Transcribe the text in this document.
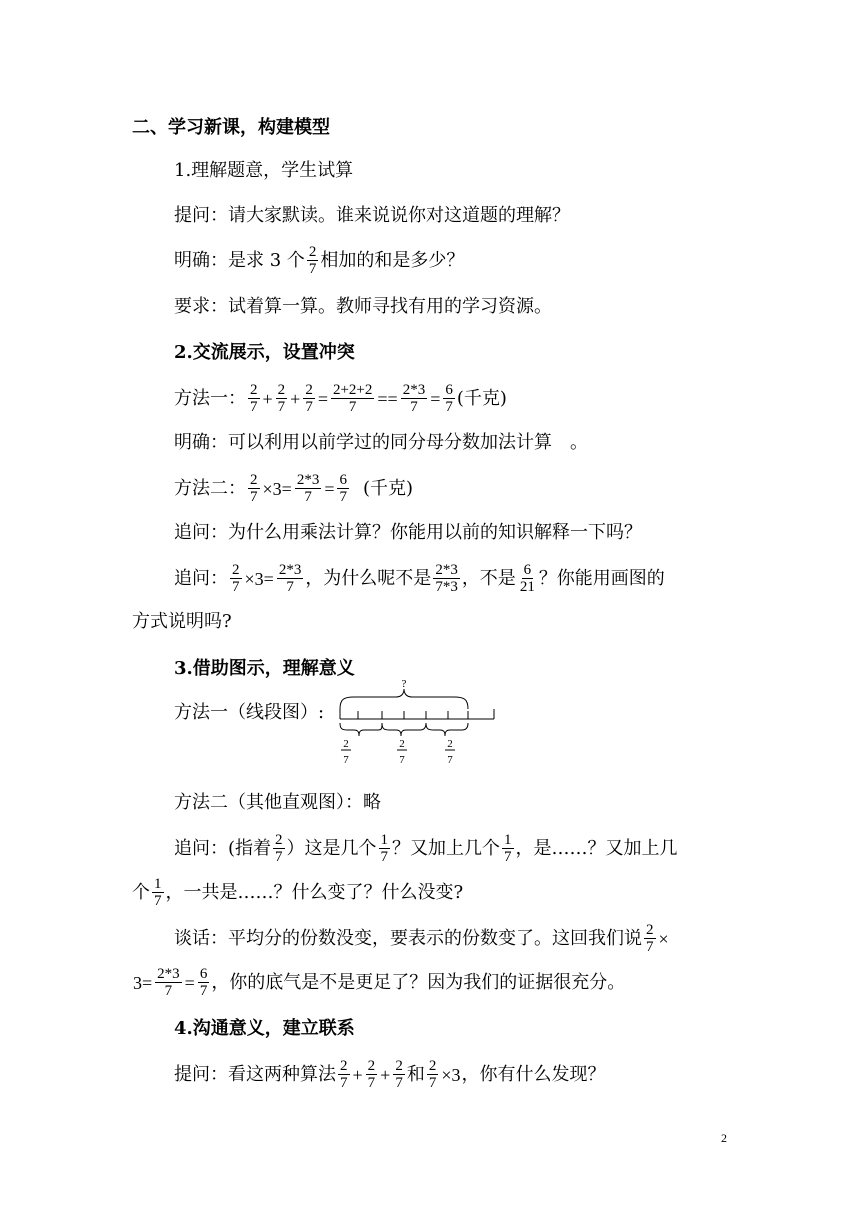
二、学习新课，构建模型
1.理解题意，学生试算
提问：请大家默读。谁来说说你对这道题的理解？
明确：是求 3 个 $\frac{2}{7}$ 相加的和是多少？
要求：试着算一算。教师寻找有用的学习资源。
2.交流展示，设置冲突
方法一： $\frac{2}{7} + \frac{2}{7} + \frac{2}{7} = \frac{2+2+2}{7} == \frac{2*3}{7} = \frac{6}{7}$ (千克)
明确：可以利用以前学过的同分母分数加法计算　。
方法二： $\frac{2}{7} \times 3= \frac{2*3}{7} = \frac{6}{7}$ (千克)
追问：为什么用乘法计算？你能用以前的知识解释一下吗？
追问： $\frac{2}{7} \times 3= \frac{2*3}{7}$ ，为什么呢不是 $\frac{2*3}{7*3}$ ，不是 $\frac{6}{21}$ ？你能用画图的
方式说明吗?
3.借助图示，理解意义
方法一（线段图）:
?
2
7
2
7
2
7
方法二（其他直观图）：略
追问：(指着 $\frac{2}{7}$ ）这是几个 $\frac{1}{7}$ ？又加上几个 $\frac{1}{7}$ ，是……？又加上几
个 $\frac{1}{7}$ ，一共是……？什么变了？什么没变?
谈话：平均分的份数没变，要表示的份数变了。这回我们说 $\frac{2}{7}$ ×
$3= \frac{2*3}{7} = \frac{6}{7}$ ，你的底气是不是更足了？因为我们的证据很充分。
4.沟通意义，建立联系
提问：看这两种算法 $\frac{2}{7} + \frac{2}{7} + \frac{2}{7}$ 和 $\frac{2}{7} \times 3$ ，你有什么发现？
2
